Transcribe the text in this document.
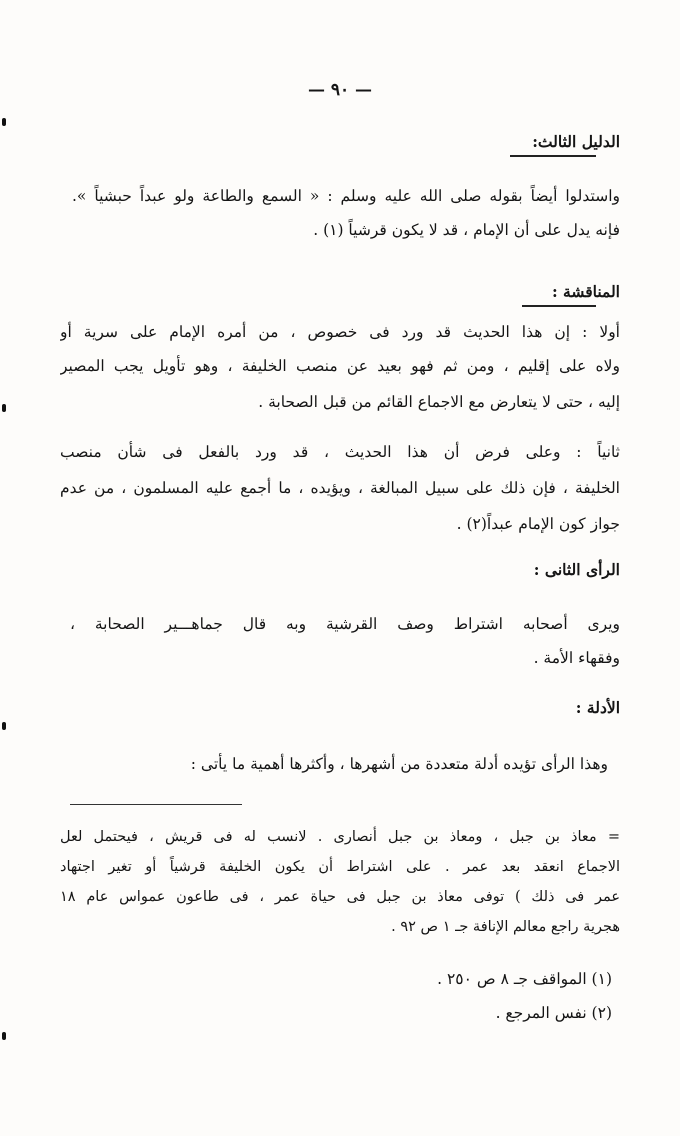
— ٩٠ —
الدليل الثالث:
واستدلوا أيضاً بقوله صلى الله عليه وسلم : « السمع والطاعة ولو عبداً حبشياً ».
فإنه يدل على أن الإمام ، قد لا يكون قرشياً (١) .
المناقشة :
أولا : إن هذا الحديث قد ورد فى خصوص ، من أمره الإمام على سرية أو
ولاه على إقليم ، ومن ثم فهو بعيد عن منصب الخليفة ، وهو تأويل يجب المصير
إليه ، حتى لا يتعارض مع الاجماع القائم من قبل الصحابة .
ثانياً : وعلى فرض أن هذا الحديث ، قد ورد بالفعل فى شأن منصب
الخليفة ، فإن ذلك على سبيل المبالغة ، ويؤيده ، ما أجمع عليه المسلمون ، من عدم
جواز كون الإمام عبداً(٢) .
الرأى الثانى :
ويرى أصحابه اشتراط وصف القرشية وبه قال جماهـــير الصحابة ،
وفقهاء الأمة .
الأدلة :
وهذا الرأى تؤيده أدلة متعددة من أشهرها ، وأكثرها أهمية ما يأتى :
= معاذ بن جبل ، ومعاذ بن جبل أنصارى . لانسب له فى قريش ، فيحتمل لعل
الاجماع انعقد بعد عمر . على اشتراط أن يكون الخليفة قرشياً أو تغير اجتهاد
عمر فى ذلك ) توفى معاذ بن جبل فى حياة عمر ، فى طاعون عمواس عام ١٨
هجرية راجع معالم الإنافة جـ ١ ص ٩٢ .
(١) المواقف جـ ٨ ص ٢٥٠ .
(٢) نفس المرجع .
